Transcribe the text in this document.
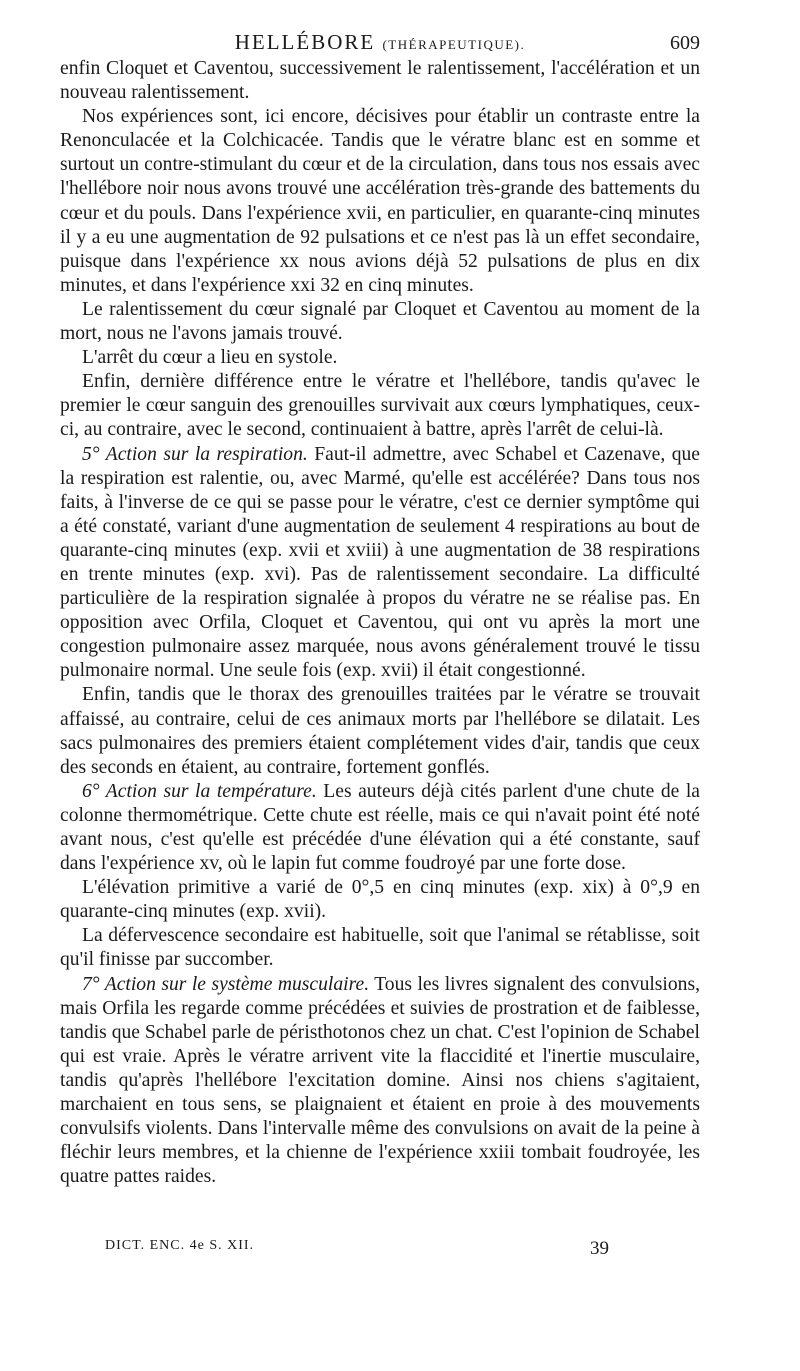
HELLÉBORE (THÉRAPEUTIQUE).	609

enfin Cloquet et Caventou, successivement le ralentissement, l'accélération et un nouveau ralentissement.

Nos expériences sont, ici encore, décisives pour établir un contraste entre la Renonculacée et la Colchicacée. Tandis que le vératre blanc est en somme et surtout un contre-stimulant du cœur et de la circulation, dans tous nos essais avec l'hellébore noir nous avons trouvé une accélération très-grande des battements du cœur et du pouls. Dans l'expérience xvii, en particulier, en quarante-cinq minutes il y a eu une augmentation de 92 pulsations et ce n'est pas là un effet secondaire, puisque dans l'expérience xx nous avions déjà 52 pulsations de plus en dix minutes, et dans l'expérience xxi 32 en cinq minutes.

Le ralentissement du cœur signalé par Cloquet et Caventou au moment de la mort, nous ne l'avons jamais trouvé.

L'arrêt du cœur a lieu en systole.

Enfin, dernière différence entre le vératre et l'hellébore, tandis qu'avec le premier le cœur sanguin des grenouilles survivait aux cœurs lymphatiques, ceux-ci, au contraire, avec le second, continuaient à battre, après l'arrêt de celui-là.

5° Action sur la respiration. Faut-il admettre, avec Schabel et Cazenave, que la respiration est ralentie, ou, avec Marmé, qu'elle est accélérée? Dans tous nos faits, à l'inverse de ce qui se passe pour le vératre, c'est ce dernier symptôme qui a été constaté, variant d'une augmentation de seulement 4 respirations au bout de quarante-cinq minutes (exp. xvii et xviii) à une augmentation de 38 respirations en trente minutes (exp. xvi). Pas de ralentissement secondaire. La difficulté particulière de la respiration signalée à propos du vératre ne se réalise pas. En opposition avec Orfila, Cloquet et Caventou, qui ont vu après la mort une congestion pulmonaire assez marquée, nous avons généralement trouvé le tissu pulmonaire normal. Une seule fois (exp. xvii) il était congestionné.

Enfin, tandis que le thorax des grenouilles traitées par le vératre se trouvait affaissé, au contraire, celui de ces animaux morts par l'hellébore se dilatait. Les sacs pulmonaires des premiers étaient complétement vides d'air, tandis que ceux des seconds en étaient, au contraire, fortement gonflés.

6° Action sur la température. Les auteurs déjà cités parlent d'une chute de la colonne thermométrique. Cette chute est réelle, mais ce qui n'avait point été noté avant nous, c'est qu'elle est précédée d'une élévation qui a été constante, sauf dans l'expérience xv, où le lapin fut comme foudroyé par une forte dose.

L'élévation primitive a varié de 0°,5 en cinq minutes (exp. xix) à 0°,9 en quarante-cinq minutes (exp. xvii).

La défervescence secondaire est habituelle, soit que l'animal se rétablisse, soit qu'il finisse par succomber.

7° Action sur le système musculaire. Tous les livres signalent des convulsions, mais Orfila les regarde comme précédées et suivies de prostration et de faiblesse, tandis que Schabel parle de péristhotonos chez un chat. C'est l'opinion de Schabel qui est vraie. Après le vératre arrivent vite la flaccidité et l'inertie musculaire, tandis qu'après l'hellébore l'excitation domine. Ainsi nos chiens s'agitaient, marchaient en tous sens, se plaignaient et étaient en proie à des mouvements convulsifs violents. Dans l'intervalle même des convulsions on avait de la peine à fléchir leurs membres, et la chienne de l'expérience xxiii tombait foudroyée, les quatre pattes raides.

DICT. ENC. 4e S. XII.	39
